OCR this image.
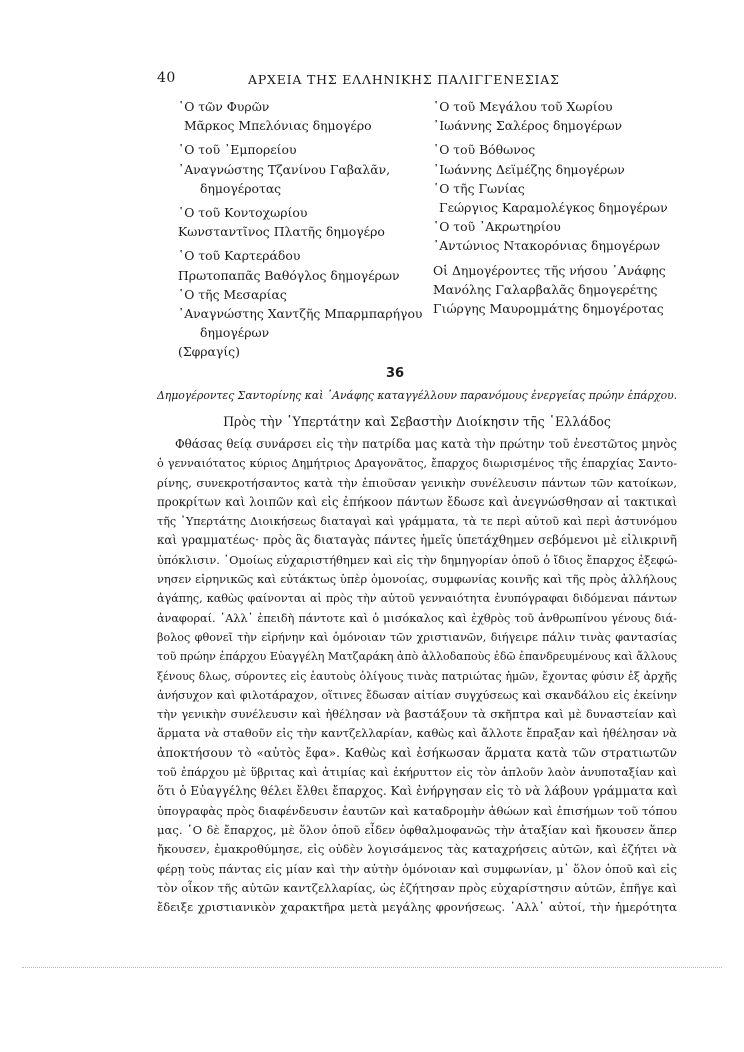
40	ΑΡΧΕΙΑ ΤΗΣ ΕΛΛΗΝΙΚΗΣ ΠΑΛΙΓΓΕΝΕΣΙΑΣ
῾Ο τῶν Φυρῶν
Μᾶρκος Μπελόνιας δημογέρο
῾Ο τοῦ ᾿Εμπορείου
᾿Αναγνώστης Τζανίνου Γαβαλᾶν,
δημογέροτας
῾Ο τοῦ Κοντοχωρίου
Κωνσταντῖνος Πλατῆς δημογέρο
῾Ο τοῦ Καρτεράδου
Πρωτοπαπᾶς Βαθόγλος δημογέρων
῾Ο τῆς Μεσαρίας
᾿Αναγνώστης Χαντζῆς Μπαρμπαρήγου
δημογέρων
(Σφραγίς)
῾Ο τοῦ Μεγάλου τοῦ Χωρίου
᾿Ιωάννης Σαλέρος δημογέρων
῾Ο τοῦ Βόθωνος
᾿Ιωάννης Δεϊμέζης δημογέρων
῾Ο τῆς Γωνίας
Γεώργιος Καραμολέγκος δημογέρων
῾Ο τοῦ ᾿Ακρωτηρίου
᾿Αντώνιος Ντακορόνιας δημογέρων
Οἱ Δημογέροντες τῆς νήσου ᾿Ανάφης
Μανόλης Γαλαρβαλᾶς δημογερέτης
Γιώργης Μαυρομμάτης δημογέροτας
36
Δημογέροντες Σαντορίνης καὶ ᾿Ανάφης καταγγέλλουν παρανόμους ἐνεργείας πρώην ἐπάρχου.
Πρὸς τὴν ῾Υπερτάτην καὶ Σεβαστὴν Διοίκησιν τῆς ῾Ελλάδος
Φθάσας θείᾳ συνάρσει εἰς τὴν πατρίδα μας κατὰ τὴν πρώτην τοῦ ἐνεστῶτος μηνὸς
ὁ γενναιότατος κύριος Δημήτριος Δραγονᾶτος, ἔπαρχος διωρισμένος τῆς ἐπαρχίας Σαντο-
ρίνης, συνεκροτήσαντος κατὰ τὴν ἐπιοῦσαν γενικὴν συνέλευσιν πάντων τῶν κατοίκων,
προκρίτων καὶ λοιπῶν καὶ εἰς ἐπήκοον πάντων ἔδωσε καὶ ἀνεγνώσθησαν αἱ τακτικαὶ
τῆς ῾Υπερτάτης Διοικήσεως διαταγαὶ καὶ γράμματα, τὰ τε περὶ αὐτοῦ καὶ περὶ ἀστυνόμου
καὶ γραμματέως· πρὸς ἃς διαταγὰς πάντες ἡμεῖς ὑπετάχθημεν σεβόμενοι μὲ εἰλικρινῆ
ὑπόκλισιν. ῾Ομοίως εὐχαριστήθημεν καὶ εἰς τὴν δημηγορίαν ὁποῦ ὁ ἴδιος ἔπαρχος ἐξεφώ-
νησεν εἰρηνικῶς καὶ εὐτάκτως ὑπὲρ ὁμονοίας, συμφωνίας κοινῆς καὶ τῆς πρὸς ἀλλήλους
ἀγάπης, καθὼς φαίνονται αἱ πρὸς τὴν αὐτοῦ γενναιότητα ἐνυπόγραφαι διδόμεναι πάντων
ἀναφοραί. ᾿Αλλ᾿ ἐπειδὴ πάντοτε καὶ ὁ μισόκαλος καὶ ἐχθρὸς τοῦ ἀνθρωπίνου γένους διά-
βολος φθονεῖ τὴν εἰρήνην καὶ ὁμόνοιαν τῶν χριστιανῶν, διήγειρε πάλιν τινὰς φαντασίας
τοῦ πρώην ἐπάρχου Εὐαγγέλη Ματζαράκη ἀπὸ ἀλλοδαποὺς ἐδῶ ἐπανδρευμένους καὶ ἄλλους
ξένους δλως, σύροντες εἰς ἑαυτοὺς ὀλίγους τινὰς πατριώτας ἡμῶν, ἔχοντας φύσιν ἐξ ἀρχῆς
ἀνήσυχον καὶ φιλοτάραχον, οἵτινες ἔδωσαν αἰτίαν συγχύσεως καὶ σκανδάλου εἰς ἐκείνην
τὴν γενικὴν συνέλευσιν καὶ ἠθέλησαν νὰ βαστάξουν τὰ σκῆπτρα καὶ μὲ δυναστείαν καὶ
ἅρματα νὰ σταθοῦν εἰς τὴν καντζελλαρίαν, καθὼς καὶ ἄλλοτε ἔπραξαν καὶ ἠθέλησαν νὰ
ἀποκτήσουν τὸ «αὐτὸς ἔφα». Καθὼς καὶ ἐσήκωσαν ἅρματα κατὰ τῶν στρατιωτῶν
τοῦ ἐπάρχου μὲ ὕβριτας καὶ ἀτιμίας καὶ ἐκήρυττον εἰς τὸν ἁπλοῦν λαὸν ἀνυποταξίαν καὶ
ὅτι ὁ Εὐαγγέλης θέλει ἔλθει ἔπαρχος. Καὶ ἐνήργησαν εἰς τὸ νὰ λάβουν γράμματα καὶ
ὑπογραφὰς πρὸς διαφένδευσιν ἑαυτῶν καὶ καταδρομὴν ἀθώων καὶ ἐπισήμων τοῦ τόπου
μας. ῾Ο δὲ ἔπαρχος, μὲ ὅλον ὁποῦ εἶδεν ὀφθαλμοφανῶς τὴν ἀταξίαν καὶ ἤκουσεν ἅπερ
ἤκουσεν, ἐμακροθύμησε, εἰς οὐδὲν λογισάμενος τὰς καταχρήσεις αὐτῶν, καὶ ἐζήτει νὰ
φέρῃ τοὺς πάντας εἰς μίαν καὶ τὴν αὐτὴν ὁμόνοιαν καὶ συμφωνίαν, μ᾿ ὅλον ὁποῦ καὶ εἰς
τὸν οἶκον τῆς αὐτῶν καντζελλαρίας, ὡς ἐζήτησαν πρὸς εὐχαρίστησιν αὐτῶν, ἐπῆγε καὶ
ἔδειξε χριστιανικὸν χαρακτῆρα μετὰ μεγάλης φρονήσεως. ᾿Αλλ᾿ αὐτοί, τὴν ἡμερότητα
